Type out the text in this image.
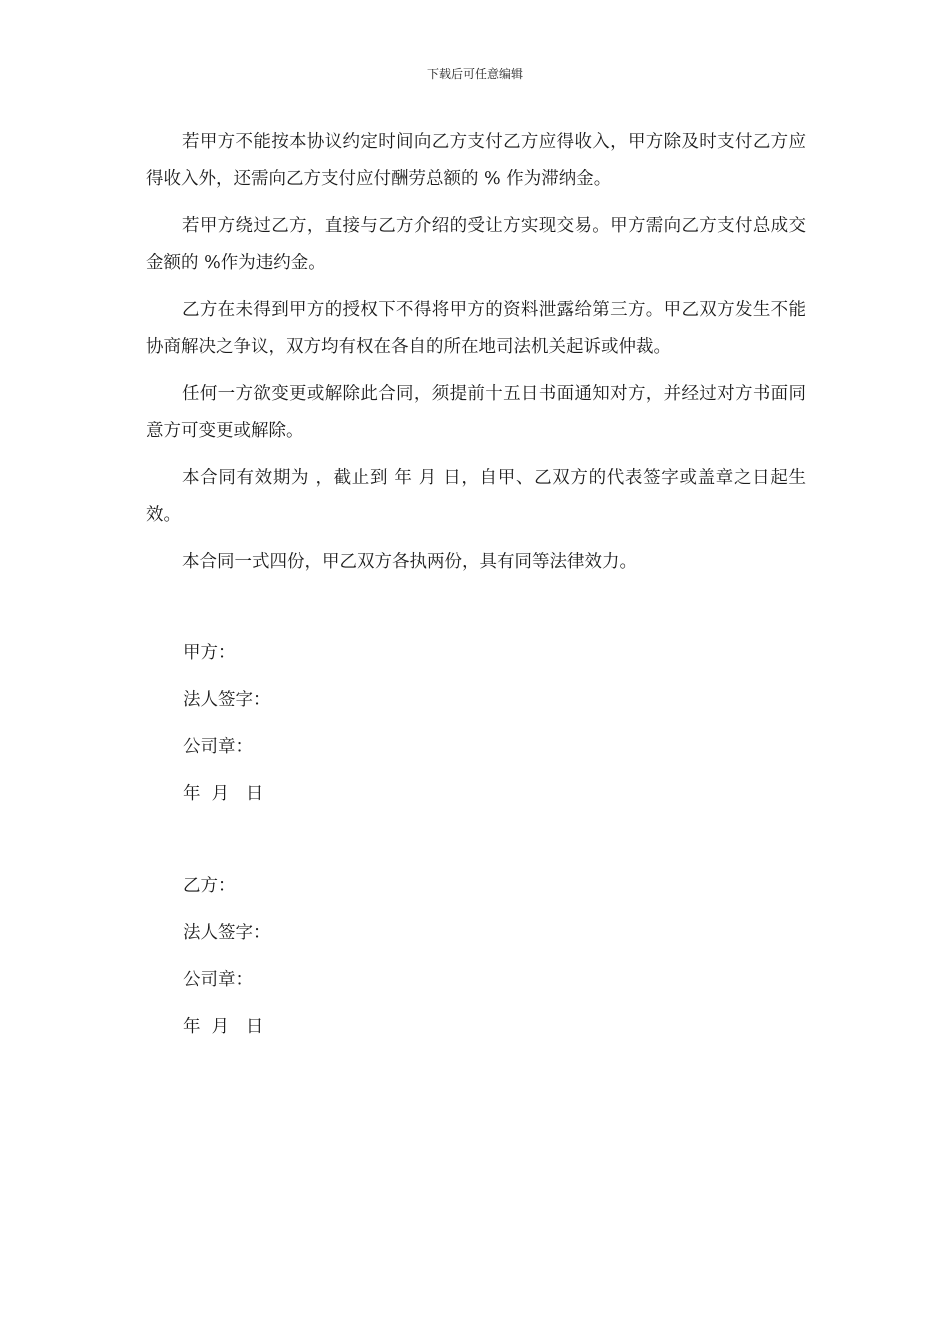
下载后可任意编辑

若甲方不能按本协议约定时间向乙方支付乙方应得收入，甲方除及时支付乙方应得收入外，还需向乙方支付应付酬劳总额的 % 作为滞纳金。

若甲方绕过乙方，直接与乙方介绍的受让方实现交易。甲方需向乙方支付总成交金额的 %作为违约金。

乙方在未得到甲方的授权下不得将甲方的资料泄露给第三方。甲乙双方发生不能协商解决之争议，双方均有权在各自的所在地司法机关起诉或仲裁。

任何一方欲变更或解除此合同，须提前十五日书面通知对方，并经过对方书面同意方可变更或解除。

本合同有效期为 ，截止到 年 月 日，自甲、乙双方的代表签字或盖章之日起生效。

本合同一式四份，甲乙双方各执两份，具有同等法律效力。

甲方：
法人签字：
公司章：
年  月   日
乙方：
法人签字：
公司章：
年  月   日
